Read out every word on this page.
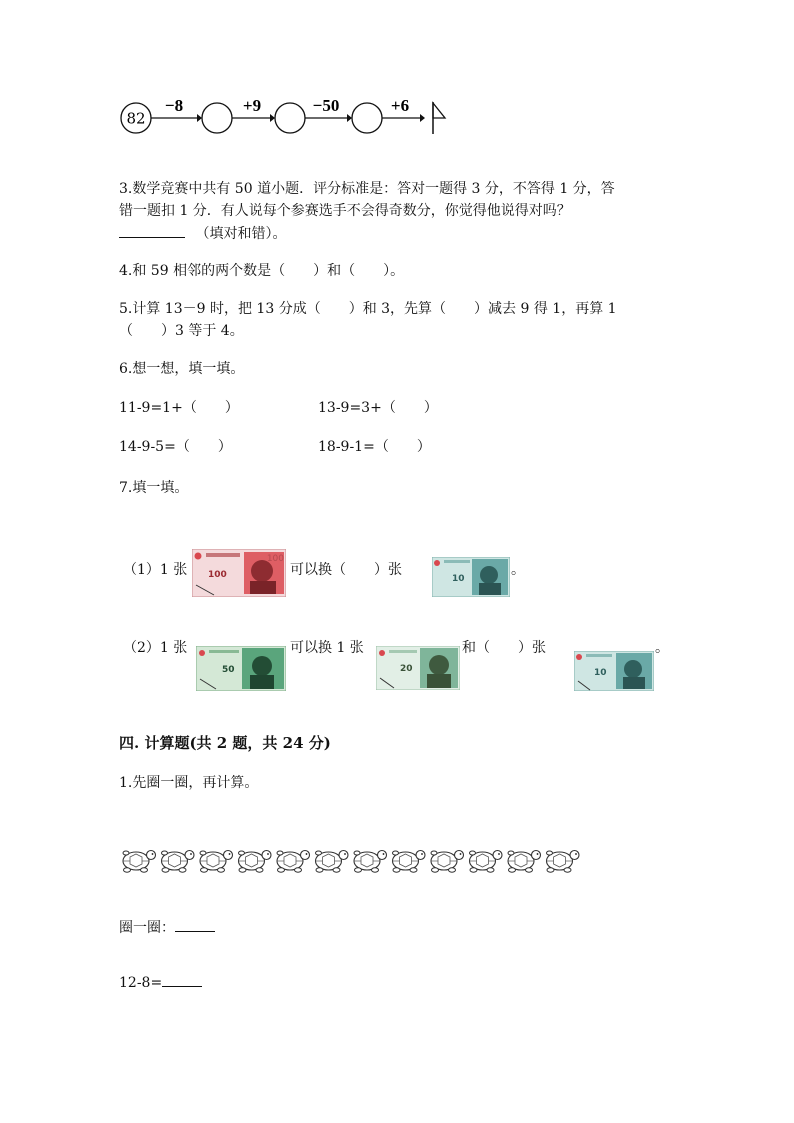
82
−8	+9	−50	+6
3.数学竞赛中共有 50 道小题．评分标准是：答对一题得 3 分，不答得 1 分，答
错一题扣 1 分．有人说每个参赛选手不会得奇数分，你觉得他说得对吗？
（填对和错）。
4.和 59 相邻的两个数是（　　）和（　　）。
5.计算 13－9 时，把 13 分成（　　）和 3，先算（　　）减去 9 得 1，再算 1
（　　）3 等于 4。
6.想一想，填一填。
11-9=1+（　　）	13-9=3+（　　）
14-9-5=（　　）	18-9-1=（　　）
7.填一填。
（1）1 张 100
100
可以换（　　）张
10
。
（2）1 张
50
可以换 1 张
20
和（　　）张
10
。
四. 计算题(共 2 题，共 24 分)
1.先圈一圈，再计算。
圈一圈：
12-8=
